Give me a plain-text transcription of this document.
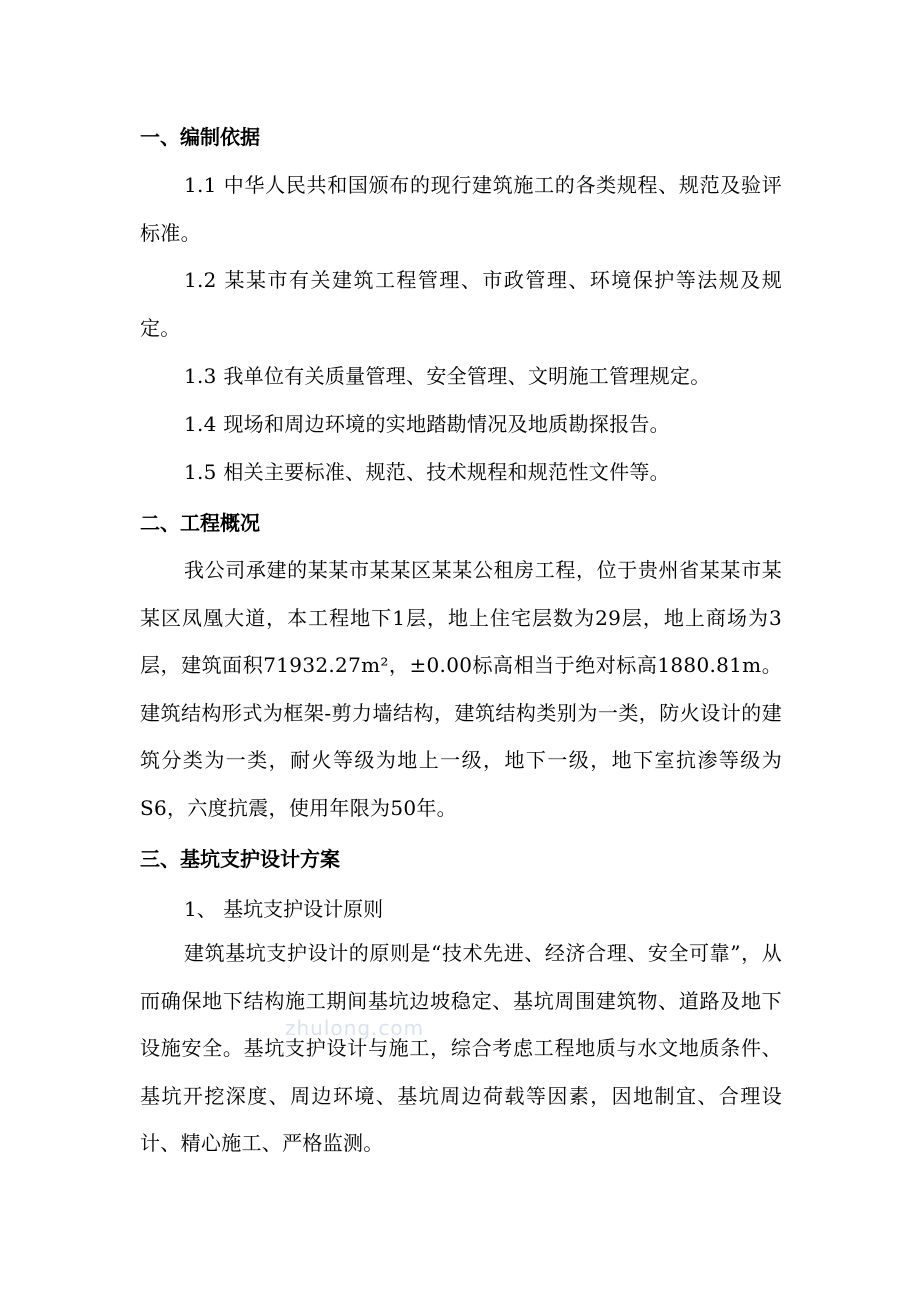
一、编制依据
1.1 中华人民共和国颁布的现行建筑施工的各类规程、规范及验评标准。
1.2 某某市有关建筑工程管理、市政管理、环境保护等法规及规定。
1.3 我单位有关质量管理、安全管理、文明施工管理规定。
1.4 现场和周边环境的实地踏勘情况及地质勘探报告。
1.5 相关主要标准、规范、技术规程和规范性文件等。
二、工程概况
我公司承建的某某市某某区某某公租房工程，位于贵州省某某市某某区凤凰大道，本工程地下1层，地上住宅层数为29层，地上商场为3层，建筑面积71932.27m²，±0.00标高相当于绝对标高1880.81m。建筑结构形式为框架-剪力墙结构，建筑结构类别为一类，防火设计的建筑分类为一类，耐火等级为地上一级，地下一级，地下室抗渗等级为S6，六度抗震，使用年限为50年。
三、基坑支护设计方案
1、 基坑支护设计原则
建筑基坑支护设计的原则是“技术先进、经济合理、安全可靠”，从而确保地下结构施工期间基坑边坡稳定、基坑周围建筑物、道路及地下设施安全。基坑支护设计与施工，综合考虑工程地质与水文地质条件、基坑开挖深度、周边环境、基坑周边荷载等因素，因地制宜、合理设计、精心施工、严格监测。
zhulong.com
